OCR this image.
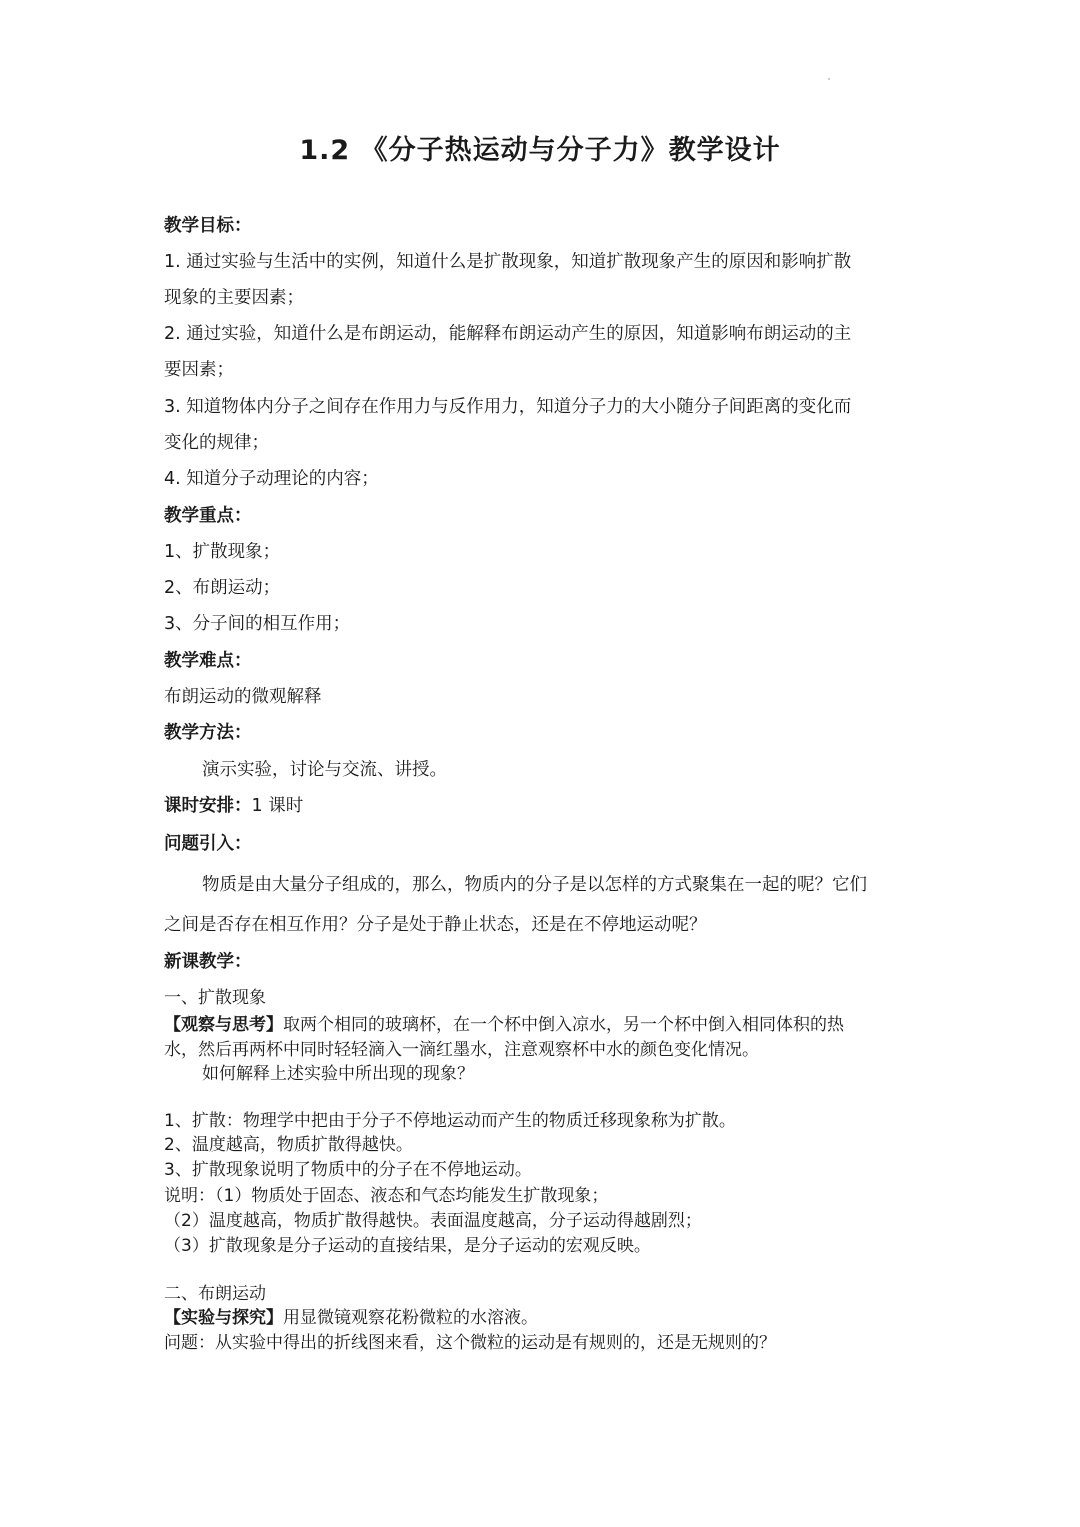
1.2 《分子热运动与分子力》教学设计
教学目标：
1. 通过实验与生活中的实例，知道什么是扩散现象，知道扩散现象产生的原因和影响扩散
现象的主要因素；
2. 通过实验，知道什么是布朗运动，能解释布朗运动产生的原因，知道影响布朗运动的主
要因素；
3. 知道物体内分子之间存在作用力与反作用力，知道分子力的大小随分子间距离的变化而
变化的规律；
4. 知道分子动理论的内容；
教学重点：
1、扩散现象；
2、布朗运动；
3、分子间的相互作用；
教学难点：
布朗运动的微观解释
教学方法：
演示实验，讨论与交流、讲授。
课时安排：1 课时
问题引入：
物质是由大量分子组成的，那么，物质内的分子是以怎样的方式聚集在一起的呢？它们
之间是否存在相互作用？分子是处于静止状态，还是在不停地运动呢？
新课教学：
一、扩散现象
【观察与思考】取两个相同的玻璃杯，在一个杯中倒入凉水，另一个杯中倒入相同体积的热
水，然后再两杯中同时轻轻滴入一滴红墨水，注意观察杯中水的颜色变化情况。
如何解释上述实验中所出现的现象？
1、扩散：物理学中把由于分子不停地运动而产生的物质迁移现象称为扩散。
2、温度越高，物质扩散得越快。
3、扩散现象说明了物质中的分子在不停地运动。
说明：（1）物质处于固态、液态和气态均能发生扩散现象；
（2）温度越高，物质扩散得越快。表面温度越高，分子运动得越剧烈；
（3）扩散现象是分子运动的直接结果，是分子运动的宏观反映。
二、布朗运动
【实验与探究】用显微镜观察花粉微粒的水溶液。
问题：从实验中得出的折线图来看，这个微粒的运动是有规则的，还是无规则的？
